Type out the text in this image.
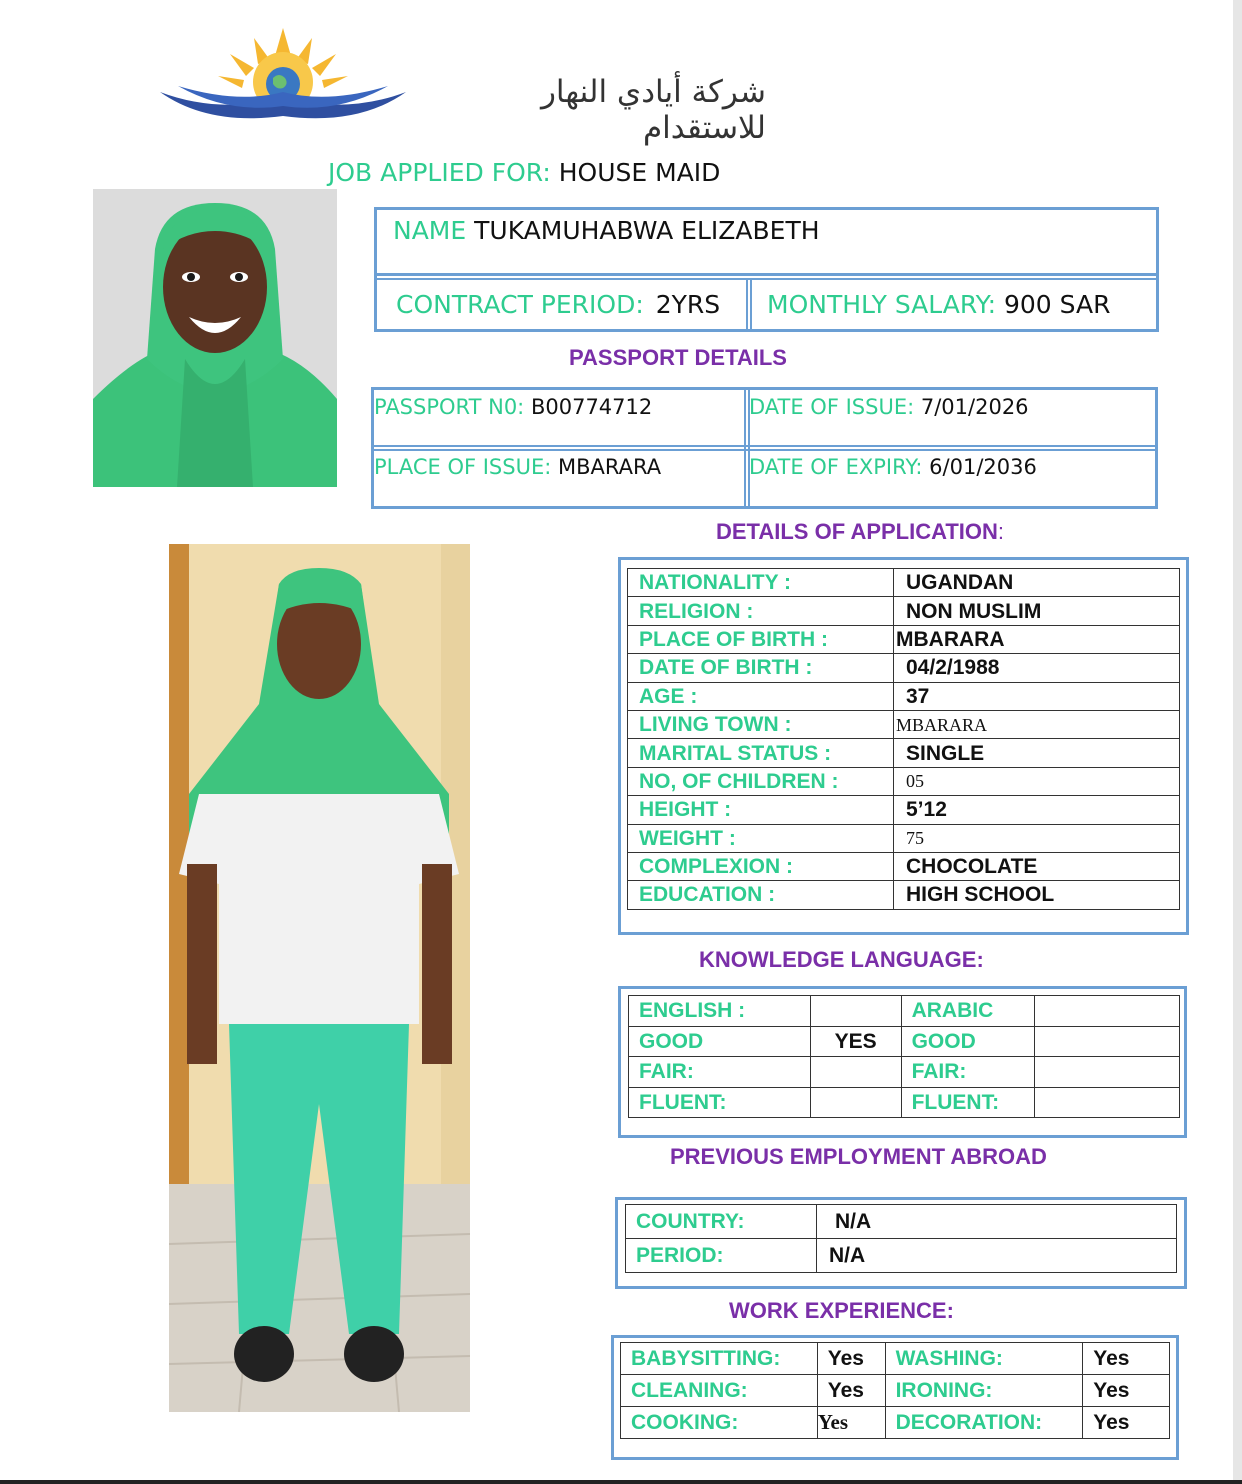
شركة أيادي النهار للاستقدام
JOB APPLIED FOR: HOUSE MAID
NAME TUKAMUHABWA ELIZABETH
CONTRACT PERIOD: 2YRS MONTHLY SALARY: 900 SAR
PASSPORT DETAILS
PASSPORT N0: B00774712	DATE OF ISSUE: 7/01/2026
PLACE OF ISSUE: MBARARA	DATE OF EXPIRY: 6/01/2036
DETAILS OF APPLICATION:
NATIONALITY :	UGANDAN
RELIGION :	NON MUSLIM
PLACE OF BIRTH :	MBARARA
DATE OF BIRTH :	04/2/1988
AGE :	37
LIVING TOWN :	MBARARA
MARITAL STATUS :	SINGLE
NO, OF CHILDREN :	05
HEIGHT :	5’12
WEIGHT :	75
COMPLEXION :	CHOCOLATE
EDUCATION :	HIGH SCHOOL
KNOWLEDGE LANGUAGE:
ENGLISH :		ARABIC	
GOOD	YES	GOOD	
FAIR:		FAIR:	
FLUENT:		FLUENT:	
PREVIOUS EMPLOYMENT ABROAD
COUNTRY:	N/A
PERIOD:	N/A
WORK EXPERIENCE:
BABYSITTING:	Yes	WASHING:	Yes
CLEANING:	Yes	IRONING:	Yes
COOKING:	Yes	DECORATION:	Yes
